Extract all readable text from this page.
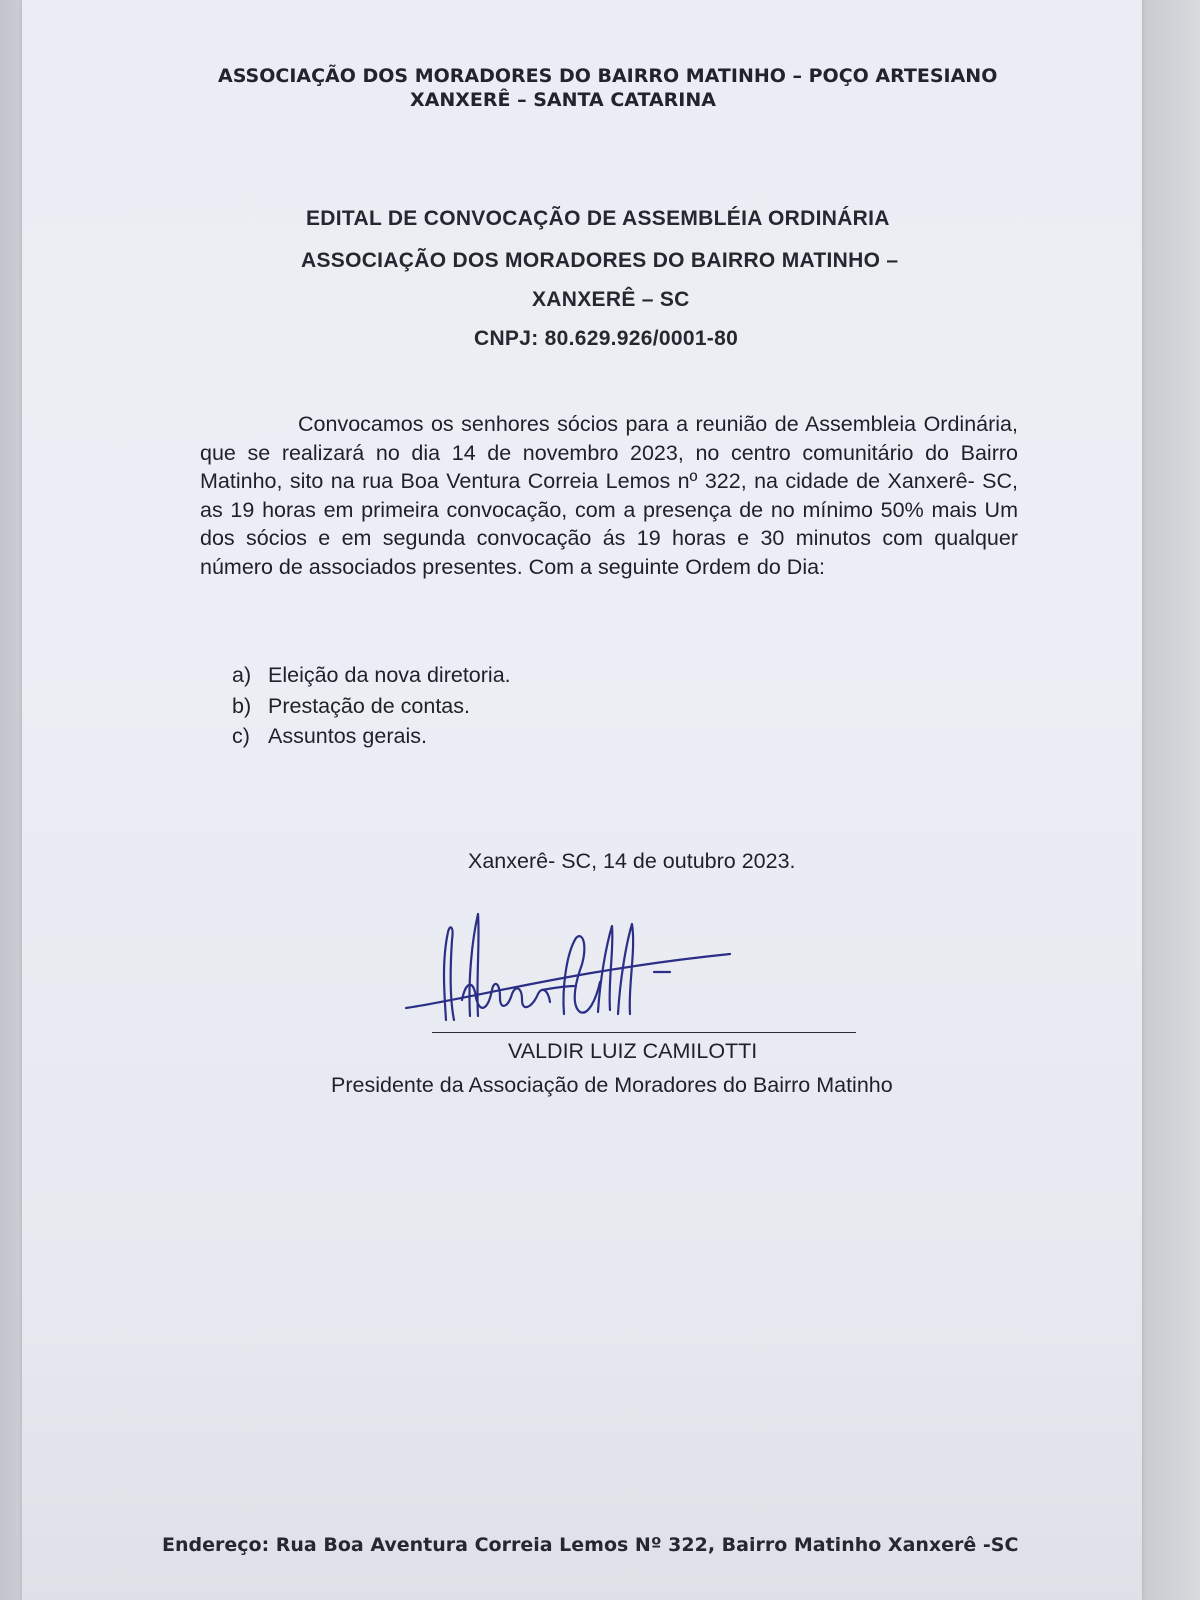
ASSOCIAÇÃO DOS MORADORES DO BAIRRO MATINHO – POÇO ARTESIANO
XANXERÊ – SANTA CATARINA
EDITAL DE CONVOCAÇÃO DE ASSEMBLÉIA ORDINÁRIA
ASSOCIAÇÃO DOS MORADORES DO BAIRRO MATINHO –
XANXERÊ – SC
CNPJ: 80.629.926/0001-80
Convocamos os senhores sócios para a reunião de Assembleia Ordinária, que se realizará no dia 14 de novembro 2023, no centro comunitário do Bairro Matinho, sito na rua Boa Ventura Correia Lemos nº 322, na cidade de Xanxerê- SC, as 19 horas em primeira convocação, com a presença de no mínimo 50% mais Um dos sócios e em segunda convocação ás 19 horas e 30 minutos com qualquer número de associados presentes. Com a seguinte Ordem do Dia:
a) Eleição da nova diretoria.
b) Prestação de contas.
c) Assuntos gerais.
Xanxerê- SC, 14 de outubro 2023.
VALDIR LUIZ CAMILOTTI
Presidente da Associação de Moradores do Bairro Matinho
Endereço: Rua Boa Aventura Correia Lemos Nº 322, Bairro Matinho Xanxerê -SC
